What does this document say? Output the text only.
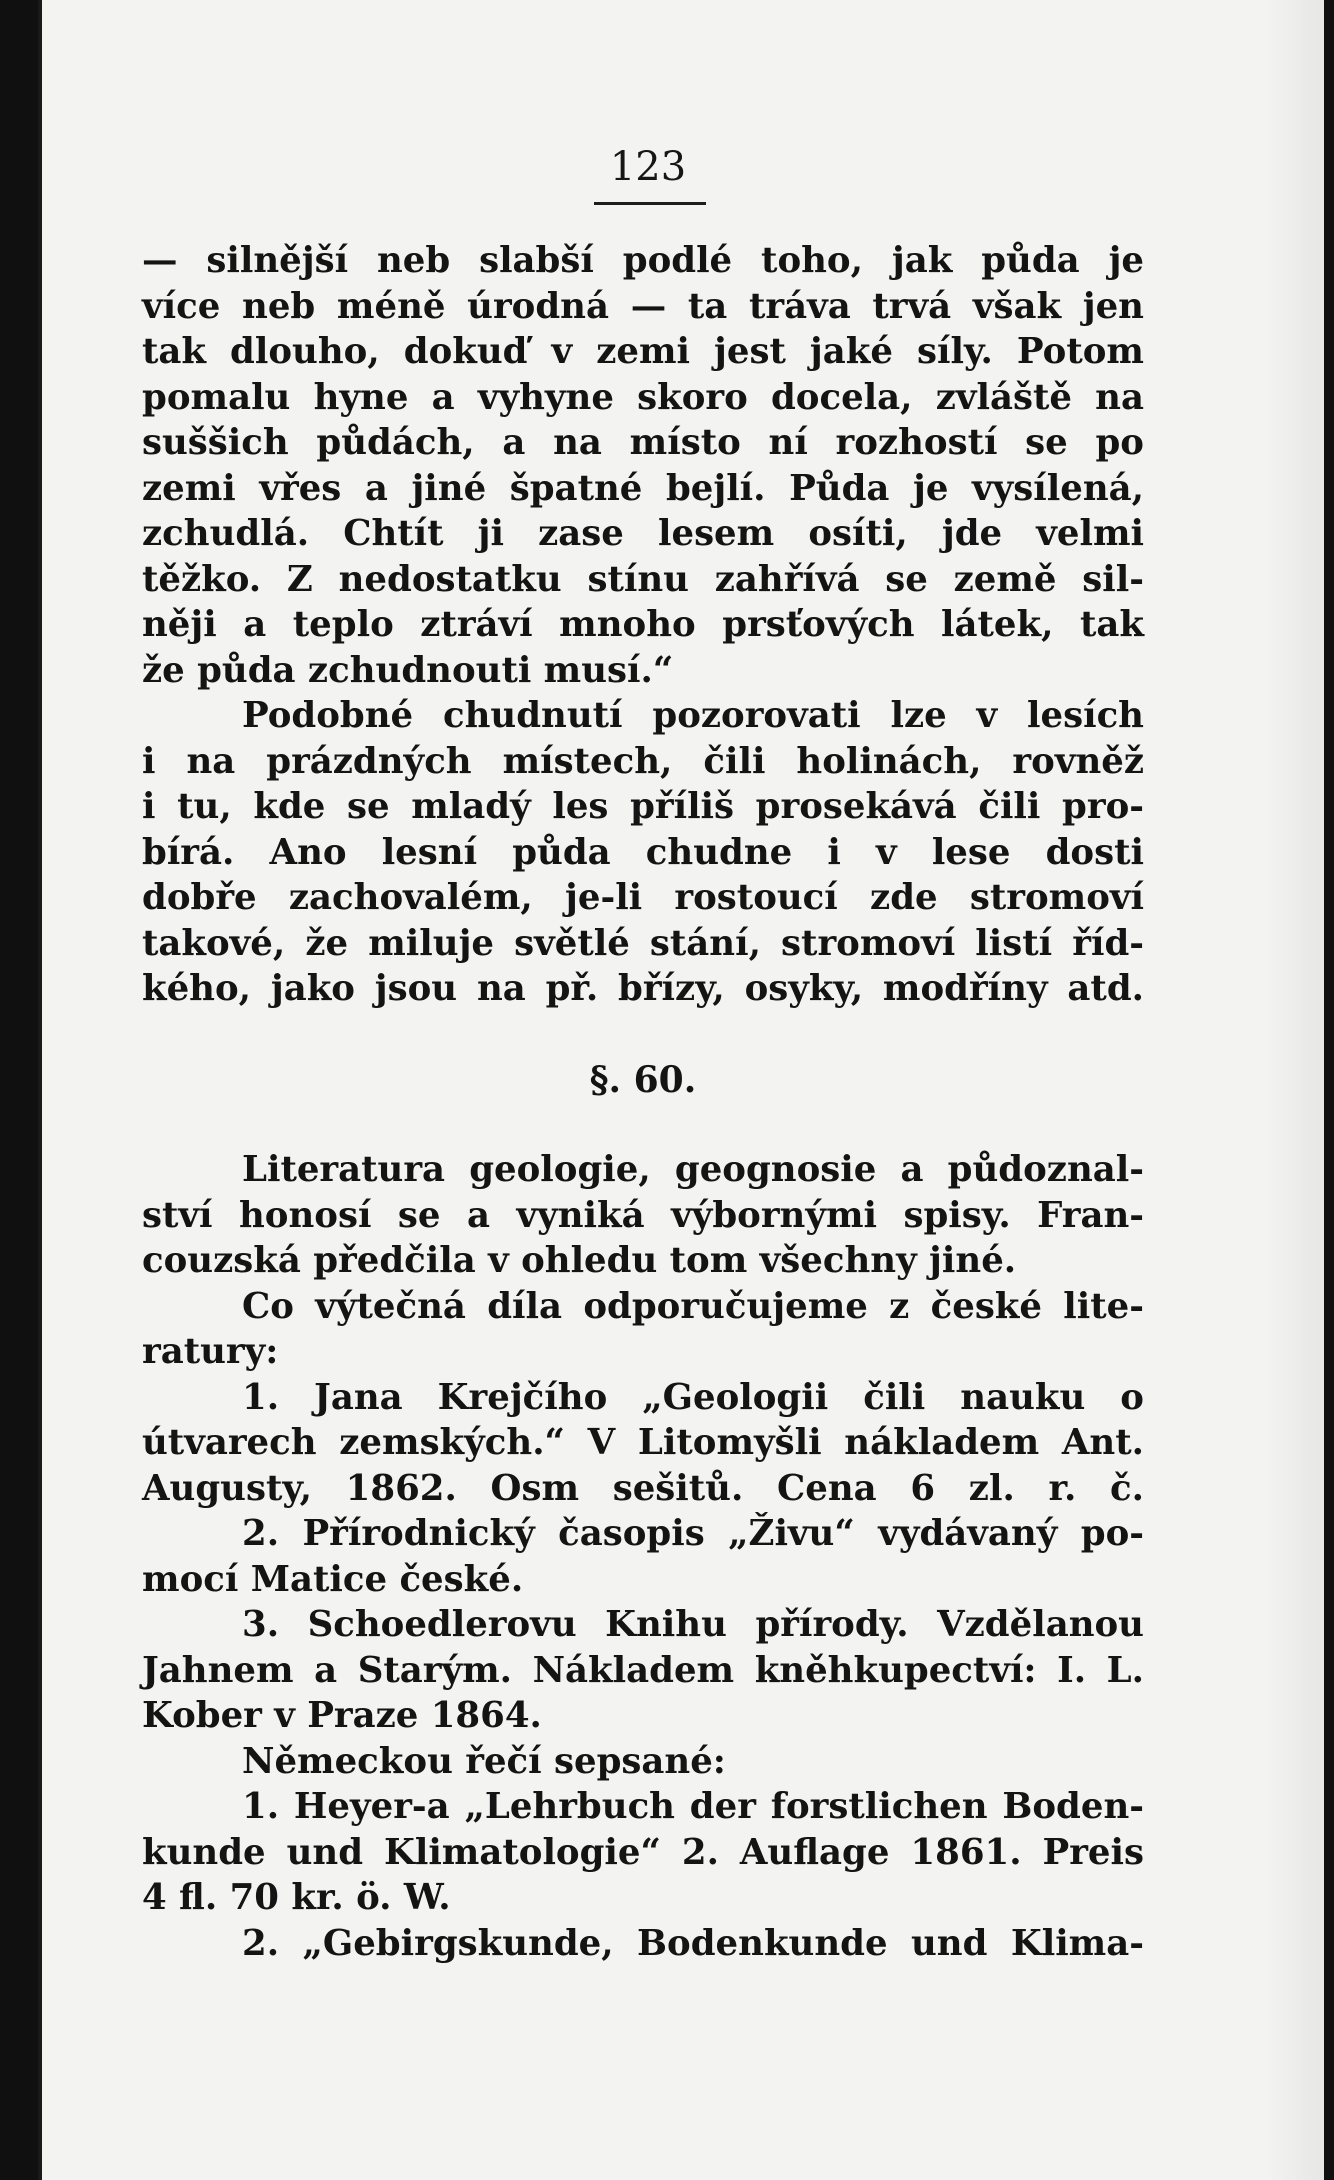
123
— silnější neb slabší podlé toho, jak půda je
více neb méně úrodná — ta tráva trvá však jen
tak dlouho, dokuď v zemi jest jaké síly. Potom
pomalu hyne a vyhyne skoro docela, zvláště na
suššich půdách, a na místo ní rozhostí se po
zemi vřes a jiné špatné bejlí. Půda je vysílená,
zchudlá. Chtít ji zase lesem osíti, jde velmi
těžko. Z nedostatku stínu zahřívá se země sil-
něji a teplo ztráví mnoho prsťových látek, tak
že půda zchudnouti musí.“
Podobné chudnutí pozorovati lze v lesích
i na prázdných místech, čili holinách, rovněž
i tu, kde se mladý les příliš prosekává čili pro-
bírá. Ano lesní půda chudne i v lese dosti
dobře zachovalém, je-li rostoucí zde stromoví
takové, že miluje světlé stání, stromoví listí říd-
kého, jako jsou na př. břízy, osyky, modříny atd.
§. 60.
Literatura geologie, geognosie a půdoznal-
ství honosí se a vyniká výbornými spisy. Fran-
couzská předčila v ohledu tom všechny jiné.
Co výtečná díla odporučujeme z české lite-
ratury:
1. Jana Krejčího „Geologii čili nauku o
útvarech zemských.“ V Litomyšli nákladem Ant.
Augusty, 1862. Osm sešitů. Cena 6 zl. r. č.
2. Přírodnický časopis „Živu“ vydávaný po-
mocí Matice české.
3. Schoedlerovu Knihu přírody. Vzdělanou
Jahnem a Starým. Nákladem kněhkupectví: I. L.
Kober v Praze 1864.
Německou řečí sepsané:
1. Heyer-a „Lehrbuch der forstlichen Boden-
kunde und Klimatologie“ 2. Auflage 1861. Preis
4 fl. 70 kr. ö. W.
2. „Gebirgskunde, Bodenkunde und Klima-
